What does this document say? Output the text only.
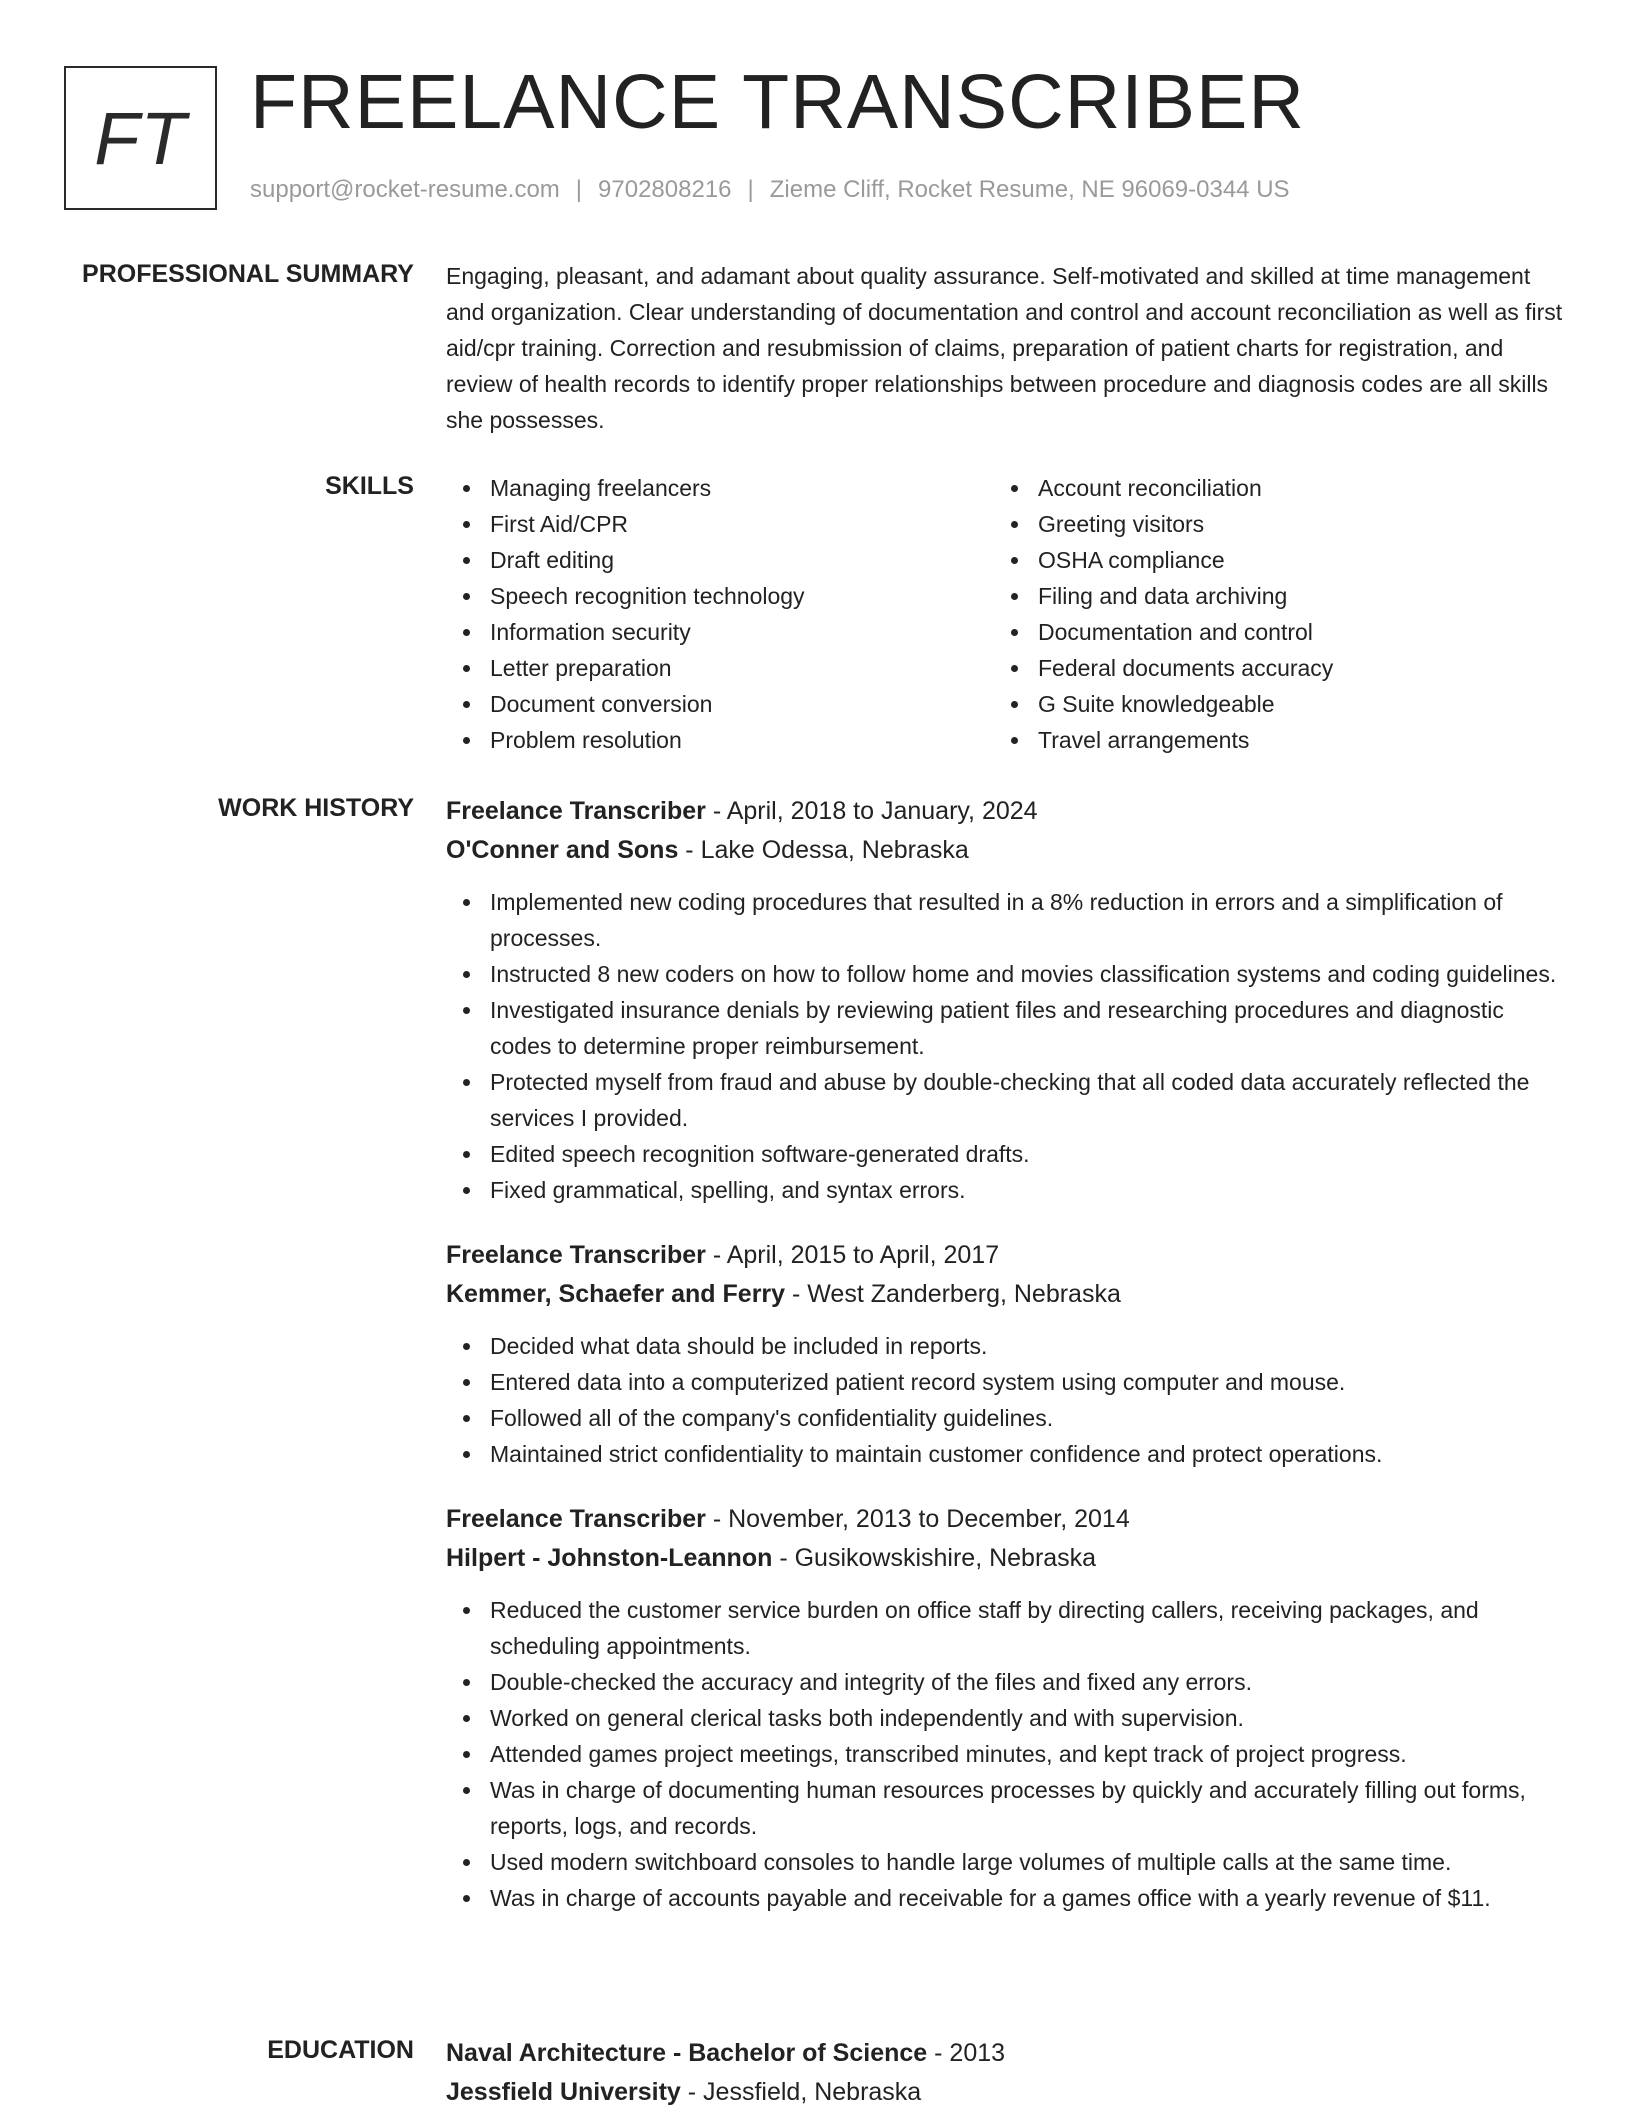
FT FREELANCE TRANSCRIBER
support@rocket-resume.com | 9702808216 | Zieme Cliff, Rocket Resume, NE 96069-0344 US
PROFESSIONAL SUMMARY Engaging, pleasant, and adamant about quality assurance. Self-motivated and skilled at time management and organization. Clear understanding of documentation and control and account reconciliation as well as first aid/cpr training. Correction and resubmission of claims, preparation of patient charts for registration, and review of health records to identify proper relationships between procedure and diagnosis codes are all skills she possesses.

SKILLS	Managing freelancers
First Aid/CPR
Draft editing
Speech recognition technology
Information security
Letter preparation
Document conversion
Problem resolution
Account reconciliation
Greeting visitors
OSHA compliance
Filing and data archiving
Documentation and control
Federal documents accuracy
G Suite knowledgeable
Travel arrangements
WORK HISTORY Freelance Transcriber - April, 2018 to January, 2024
O'Conner and Sons - Lake Odessa, Nebraska
Implemented new coding procedures that resulted in a 8% reduction in errors and a simplification of processes.
Instructed 8 new coders on how to follow home and movies classification systems and coding guidelines.
Investigated insurance denials by reviewing patient files and researching procedures and diagnostic codes to determine proper reimbursement.
Protected myself from fraud and abuse by double-checking that all coded data accurately reflected the services I provided.
Edited speech recognition software-generated drafts.
Fixed grammatical, spelling, and syntax errors.
Freelance Transcriber - April, 2015 to April, 2017
Kemmer, Schaefer and Ferry - West Zanderberg, Nebraska
Decided what data should be included in reports.
Entered data into a computerized patient record system using computer and mouse.
Followed all of the company's confidentiality guidelines.
Maintained strict confidentiality to maintain customer confidence and protect operations.
Freelance Transcriber - November, 2013 to December, 2014
Hilpert - Johnston-Leannon - Gusikowskishire, Nebraska
Reduced the customer service burden on office staff by directing callers, receiving packages, and scheduling appointments.
Double-checked the accuracy and integrity of the files and fixed any errors.
Worked on general clerical tasks both independently and with supervision.
Attended games project meetings, transcribed minutes, and kept track of project progress.
Was in charge of documenting human resources processes by quickly and accurately filling out forms, reports, logs, and records.
Used modern switchboard consoles to handle large volumes of multiple calls at the same time.
Was in charge of accounts payable and receivable for a games office with a yearly revenue of $11.
EDUCATION Naval Architecture - Bachelor of Science - 2013
Jessfield University - Jessfield, Nebraska
